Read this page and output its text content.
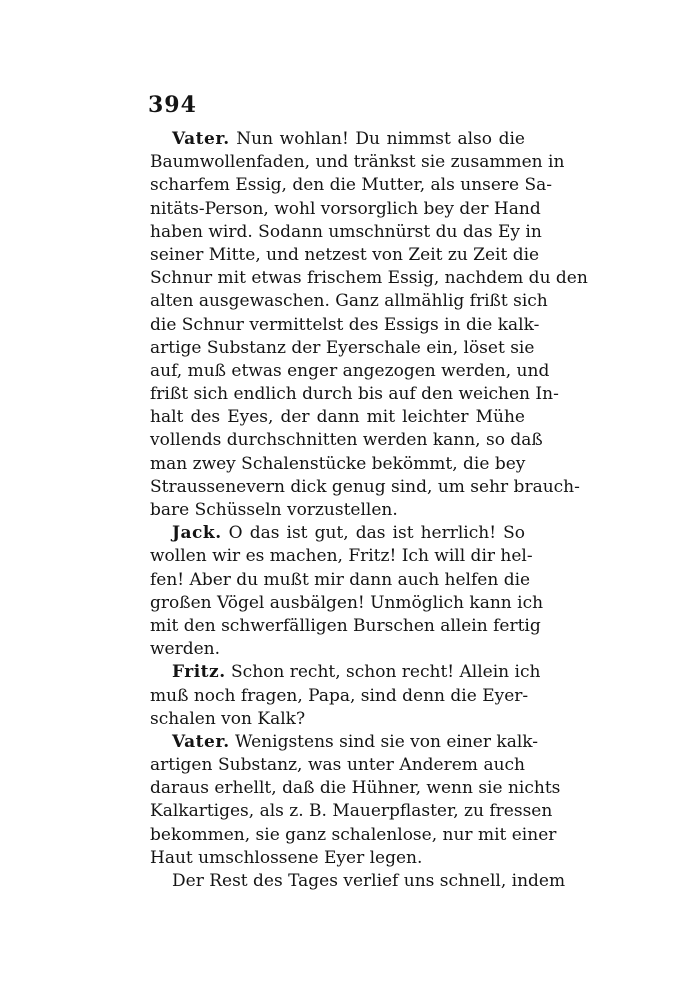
394
Vater. Nun wohlan! Du nimmst also die
Baumwollenfaden, und tränkst sie zusammen in
scharfem Essig, den die Mutter, als unsere Sa-
nitäts-Person, wohl vorsorglich bey der Hand
haben wird. Sodann umschnürst du das Ey in
seiner Mitte, und netzest von Zeit zu Zeit die
Schnur mit etwas frischem Essig, nachdem du den
alten ausgewaschen. Ganz allmählig frißt sich
die Schnur vermittelst des Essigs in die kalk-
artige Substanz der Eyerschale ein, löset sie
auf, muß etwas enger angezogen werden, und
frißt sich endlich durch bis auf den weichen In-
halt des Eyes, der dann mit leichter Mühe
vollends durchschnitten werden kann, so daß
man zwey Schalenstücke bekömmt, die bey
Straussenevern dick genug sind, um sehr brauch-
bare Schüsseln vorzustellen.
Jack. O das ist gut, das ist herrlich! So
wollen wir es machen, Fritz! Ich will dir hel-
fen! Aber du mußt mir dann auch helfen die
großen Vögel ausbälgen! Unmöglich kann ich
mit den schwerfälligen Burschen allein fertig
werden.
Fritz. Schon recht, schon recht! Allein ich
muß noch fragen, Papa, sind denn die Eyer-
schalen von Kalk?
Vater. Wenigstens sind sie von einer kalk-
artigen Substanz, was unter Anderem auch
daraus erhellt, daß die Hühner, wenn sie nichts
Kalkartiges, als z. B. Mauerpflaster, zu fressen
bekommen, sie ganz schalenlose, nur mit einer
Haut umschlossene Eyer legen.
Der Rest des Tages verlief uns schnell, indem
